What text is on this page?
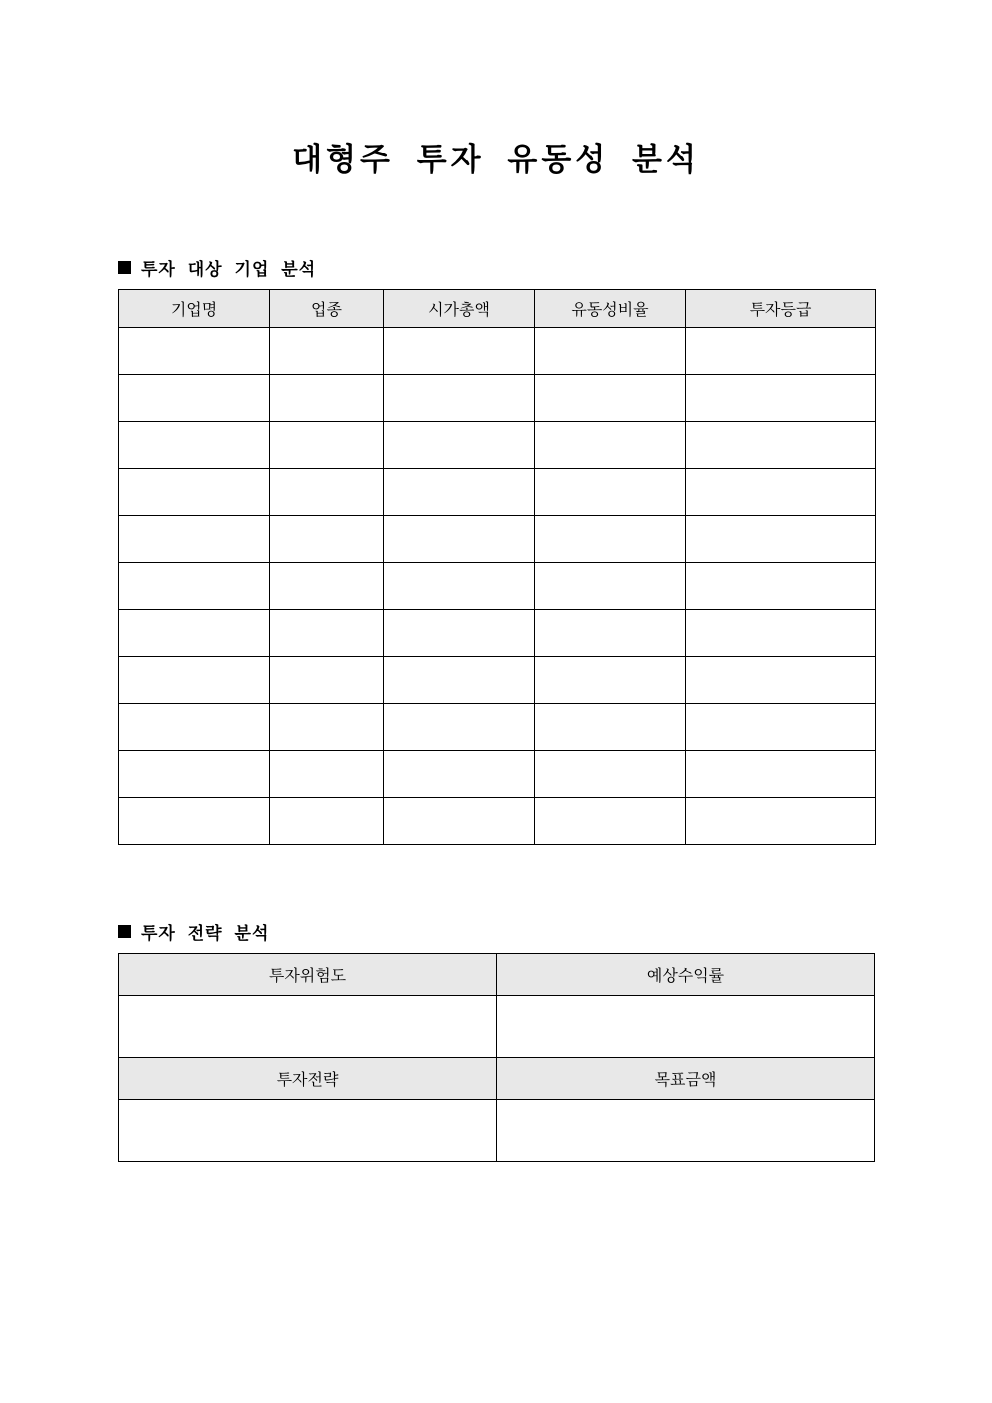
대형주 투자 유동성 분석
투자 대상 기업 분석
기업명	업종	시가총액	유동성비율	투자등급

투자 전략 분석
투자위험도	예상수익률

투자전략	목표금액
